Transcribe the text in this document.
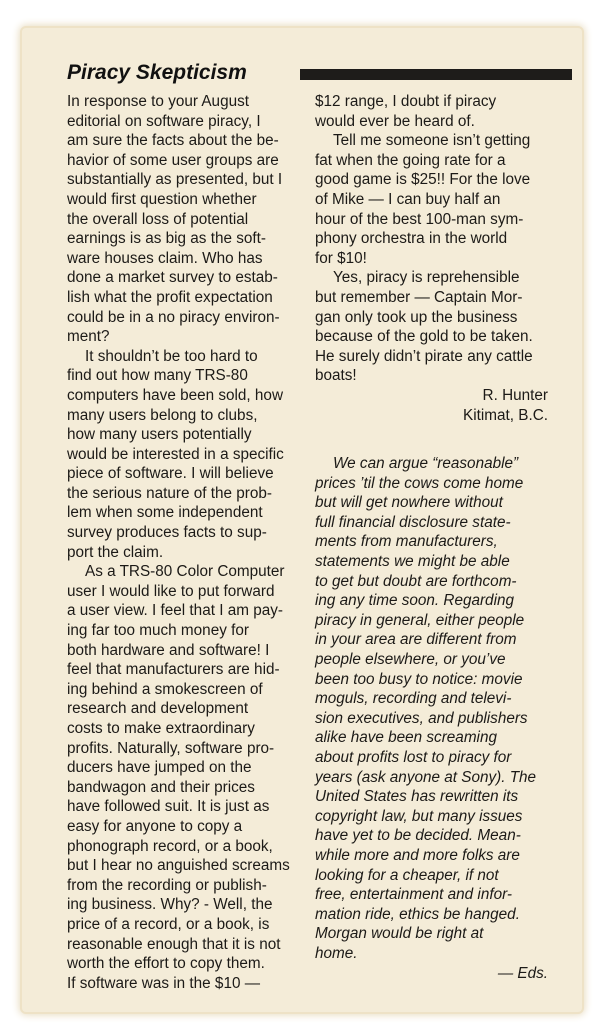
Piracy Skepticism
In response to your August
editorial on software piracy, I
am sure the facts about the be-
havior of some user groups are
substantially as presented, but I
would first question whether
the overall loss of potential
earnings is as big as the soft-
ware houses claim. Who has
done a market survey to estab-
lish what the profit expectation
could be in a no piracy environ-
ment?
It shouldn’t be too hard to
find out how many TRS-80
computers have been sold, how
many users belong to clubs,
how many users potentially
would be interested in a specific
piece of software. I will believe
the serious nature of the prob-
lem when some independent
survey produces facts to sup-
port the claim.
As a TRS-80 Color Computer
user I would like to put forward
a user view. I feel that I am pay-
ing far too much money for
both hardware and software! I
feel that manufacturers are hid-
ing behind a smokescreen of
research and development
costs to make extraordinary
profits. Naturally, software pro-
ducers have jumped on the
bandwagon and their prices
have followed suit. It is just as
easy for anyone to copy a
phonograph record, or a book,
but I hear no anguished screams
from the recording or publish-
ing business. Why? - Well, the
price of a record, or a book, is
reasonable enough that it is not
worth the effort to copy them.
If software was in the $10 —
$12 range, I doubt if piracy
would ever be heard of.
Tell me someone isn’t getting
fat when the going rate for a
good game is $25!! For the love
of Mike — I can buy half an
hour of the best 100-man sym-
phony orchestra in the world
for $10!
Yes, piracy is reprehensible
but remember — Captain Mor-
gan only took up the business
because of the gold to be taken.
He surely didn’t pirate any cattle
boats!
R. Hunter
Kitimat, B.C.
We can argue “reasonable”
prices ’til the cows come home
but will get nowhere without
full financial disclosure state-
ments from manufacturers,
statements we might be able
to get but doubt are forthcom-
ing any time soon. Regarding
piracy in general, either people
in your area are different from
people elsewhere, or you’ve
been too busy to notice: movie
moguls, recording and televi-
sion executives, and publishers
alike have been screaming
about profits lost to piracy for
years (ask anyone at Sony). The
United States has rewritten its
copyright law, but many issues
have yet to be decided. Mean-
while more and more folks are
looking for a cheaper, if not
free, entertainment and infor-
mation ride, ethics be hanged.
Morgan would be right at
home.
— Eds.
